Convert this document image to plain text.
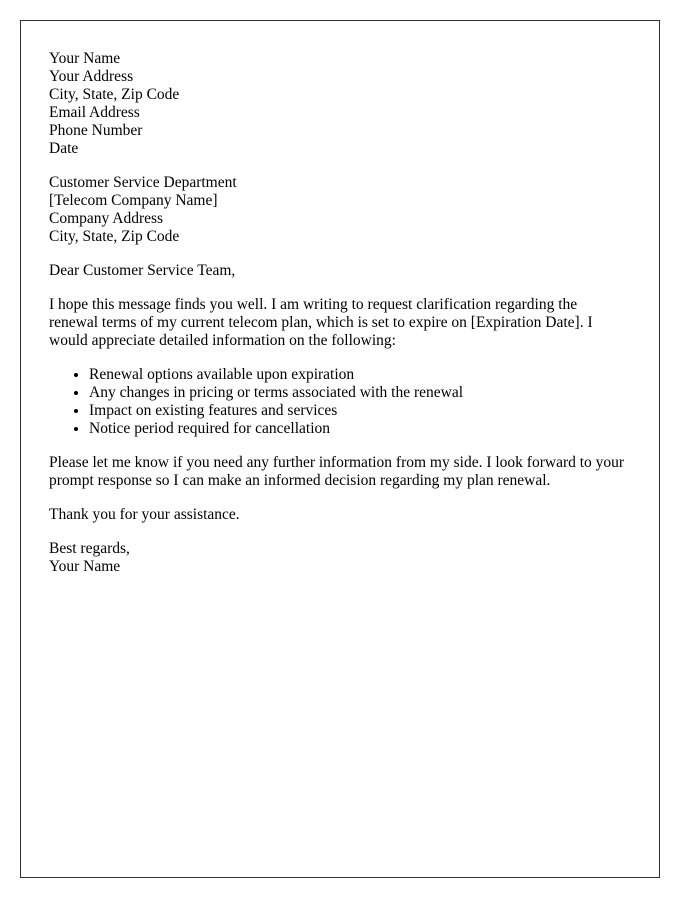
Your Name
Your Address
City, State, Zip Code
Email Address
Phone Number
Date
Customer Service Department
[Telecom Company Name]
Company Address
City, State, Zip Code

Dear Customer Service Team,

I hope this message finds you well. I am writing to request clarification regarding the renewal terms of my current telecom plan, which is set to expire on [Expiration Date]. I would appreciate detailed information on the following:

• Renewal options available upon expiration
• Any changes in pricing or terms associated with the renewal
• Impact on existing features and services
• Notice period required for cancellation

Please let me know if you need any further information from my side. I look forward to your prompt response so I can make an informed decision regarding my plan renewal.

Thank you for your assistance.

Best regards,
Your Name
